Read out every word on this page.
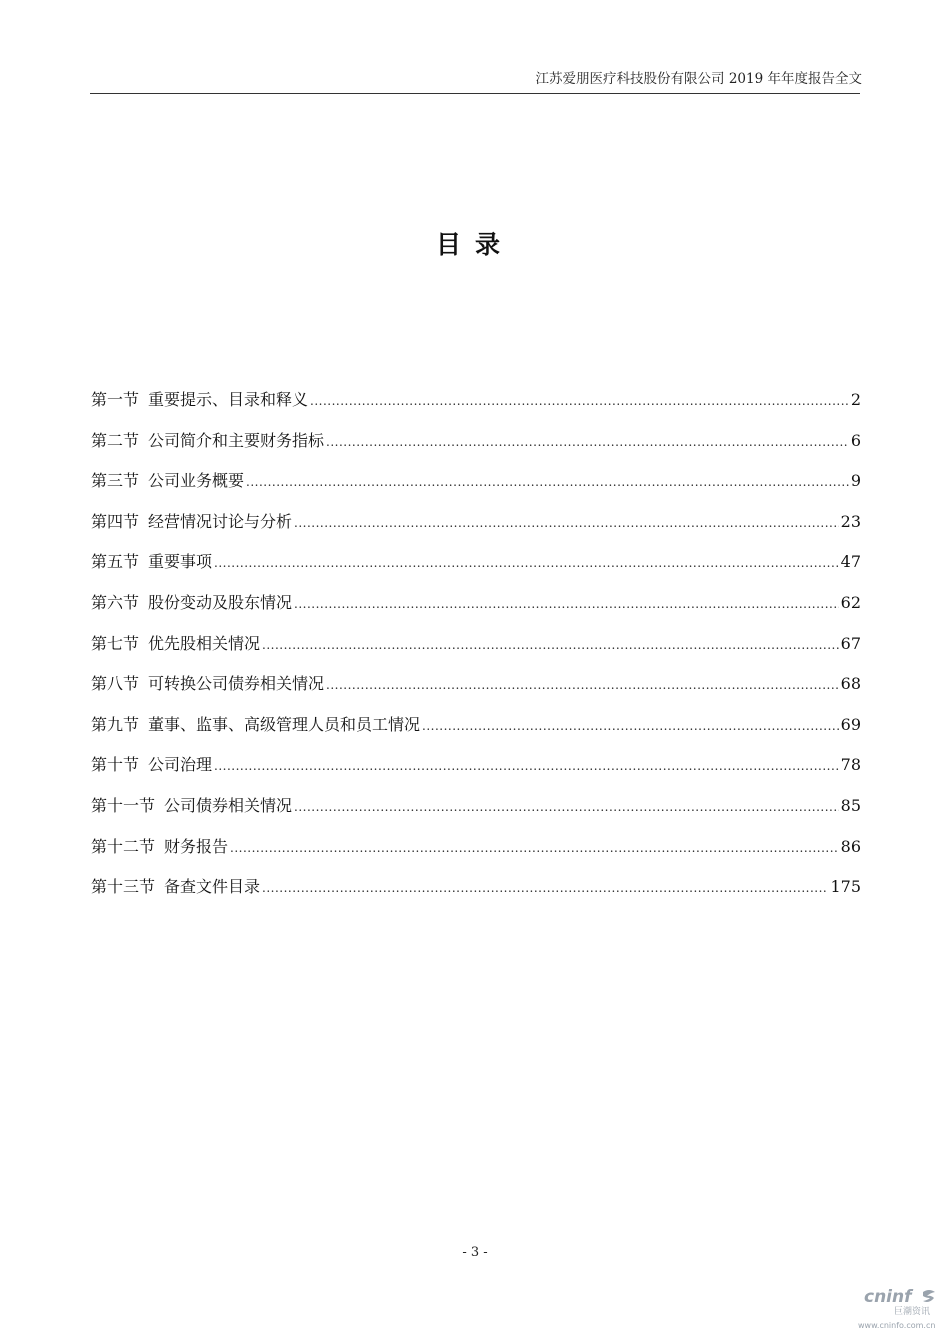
江苏爱朋医疗科技股份有限公司 2019 年年度报告全文
目录
第一节 重要提示、目录和释义 .....	2
第二节 公司简介和主要财务指标 .....	6
第三节 公司业务概要 .....	9
第四节 经营情况讨论与分析 .....	23
第五节 重要事项 .....	47
第六节 股份变动及股东情况 .....	62
第七节 优先股相关情况 .....	67
第八节 可转换公司债券相关情况 .....	68
第九节 董事、监事、高级管理人员和员工情况 .....	69
第十节 公司治理 .....	78
第十一节 公司债券相关情况 .....	85
第十二节 财务报告 .....	86
第十三节 备查文件目录 .....	175
- 3 -
cninf
巨潮资讯
www.cninfo.com.cn
